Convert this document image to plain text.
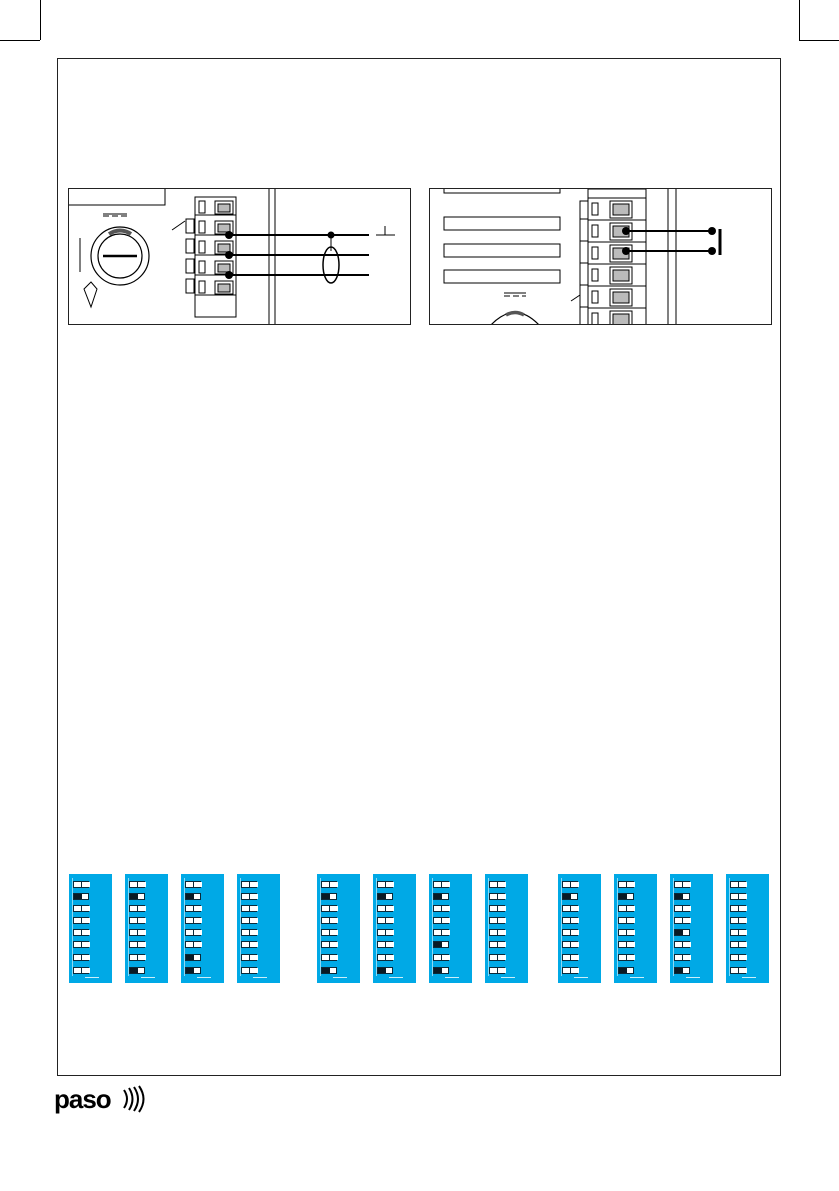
paso
